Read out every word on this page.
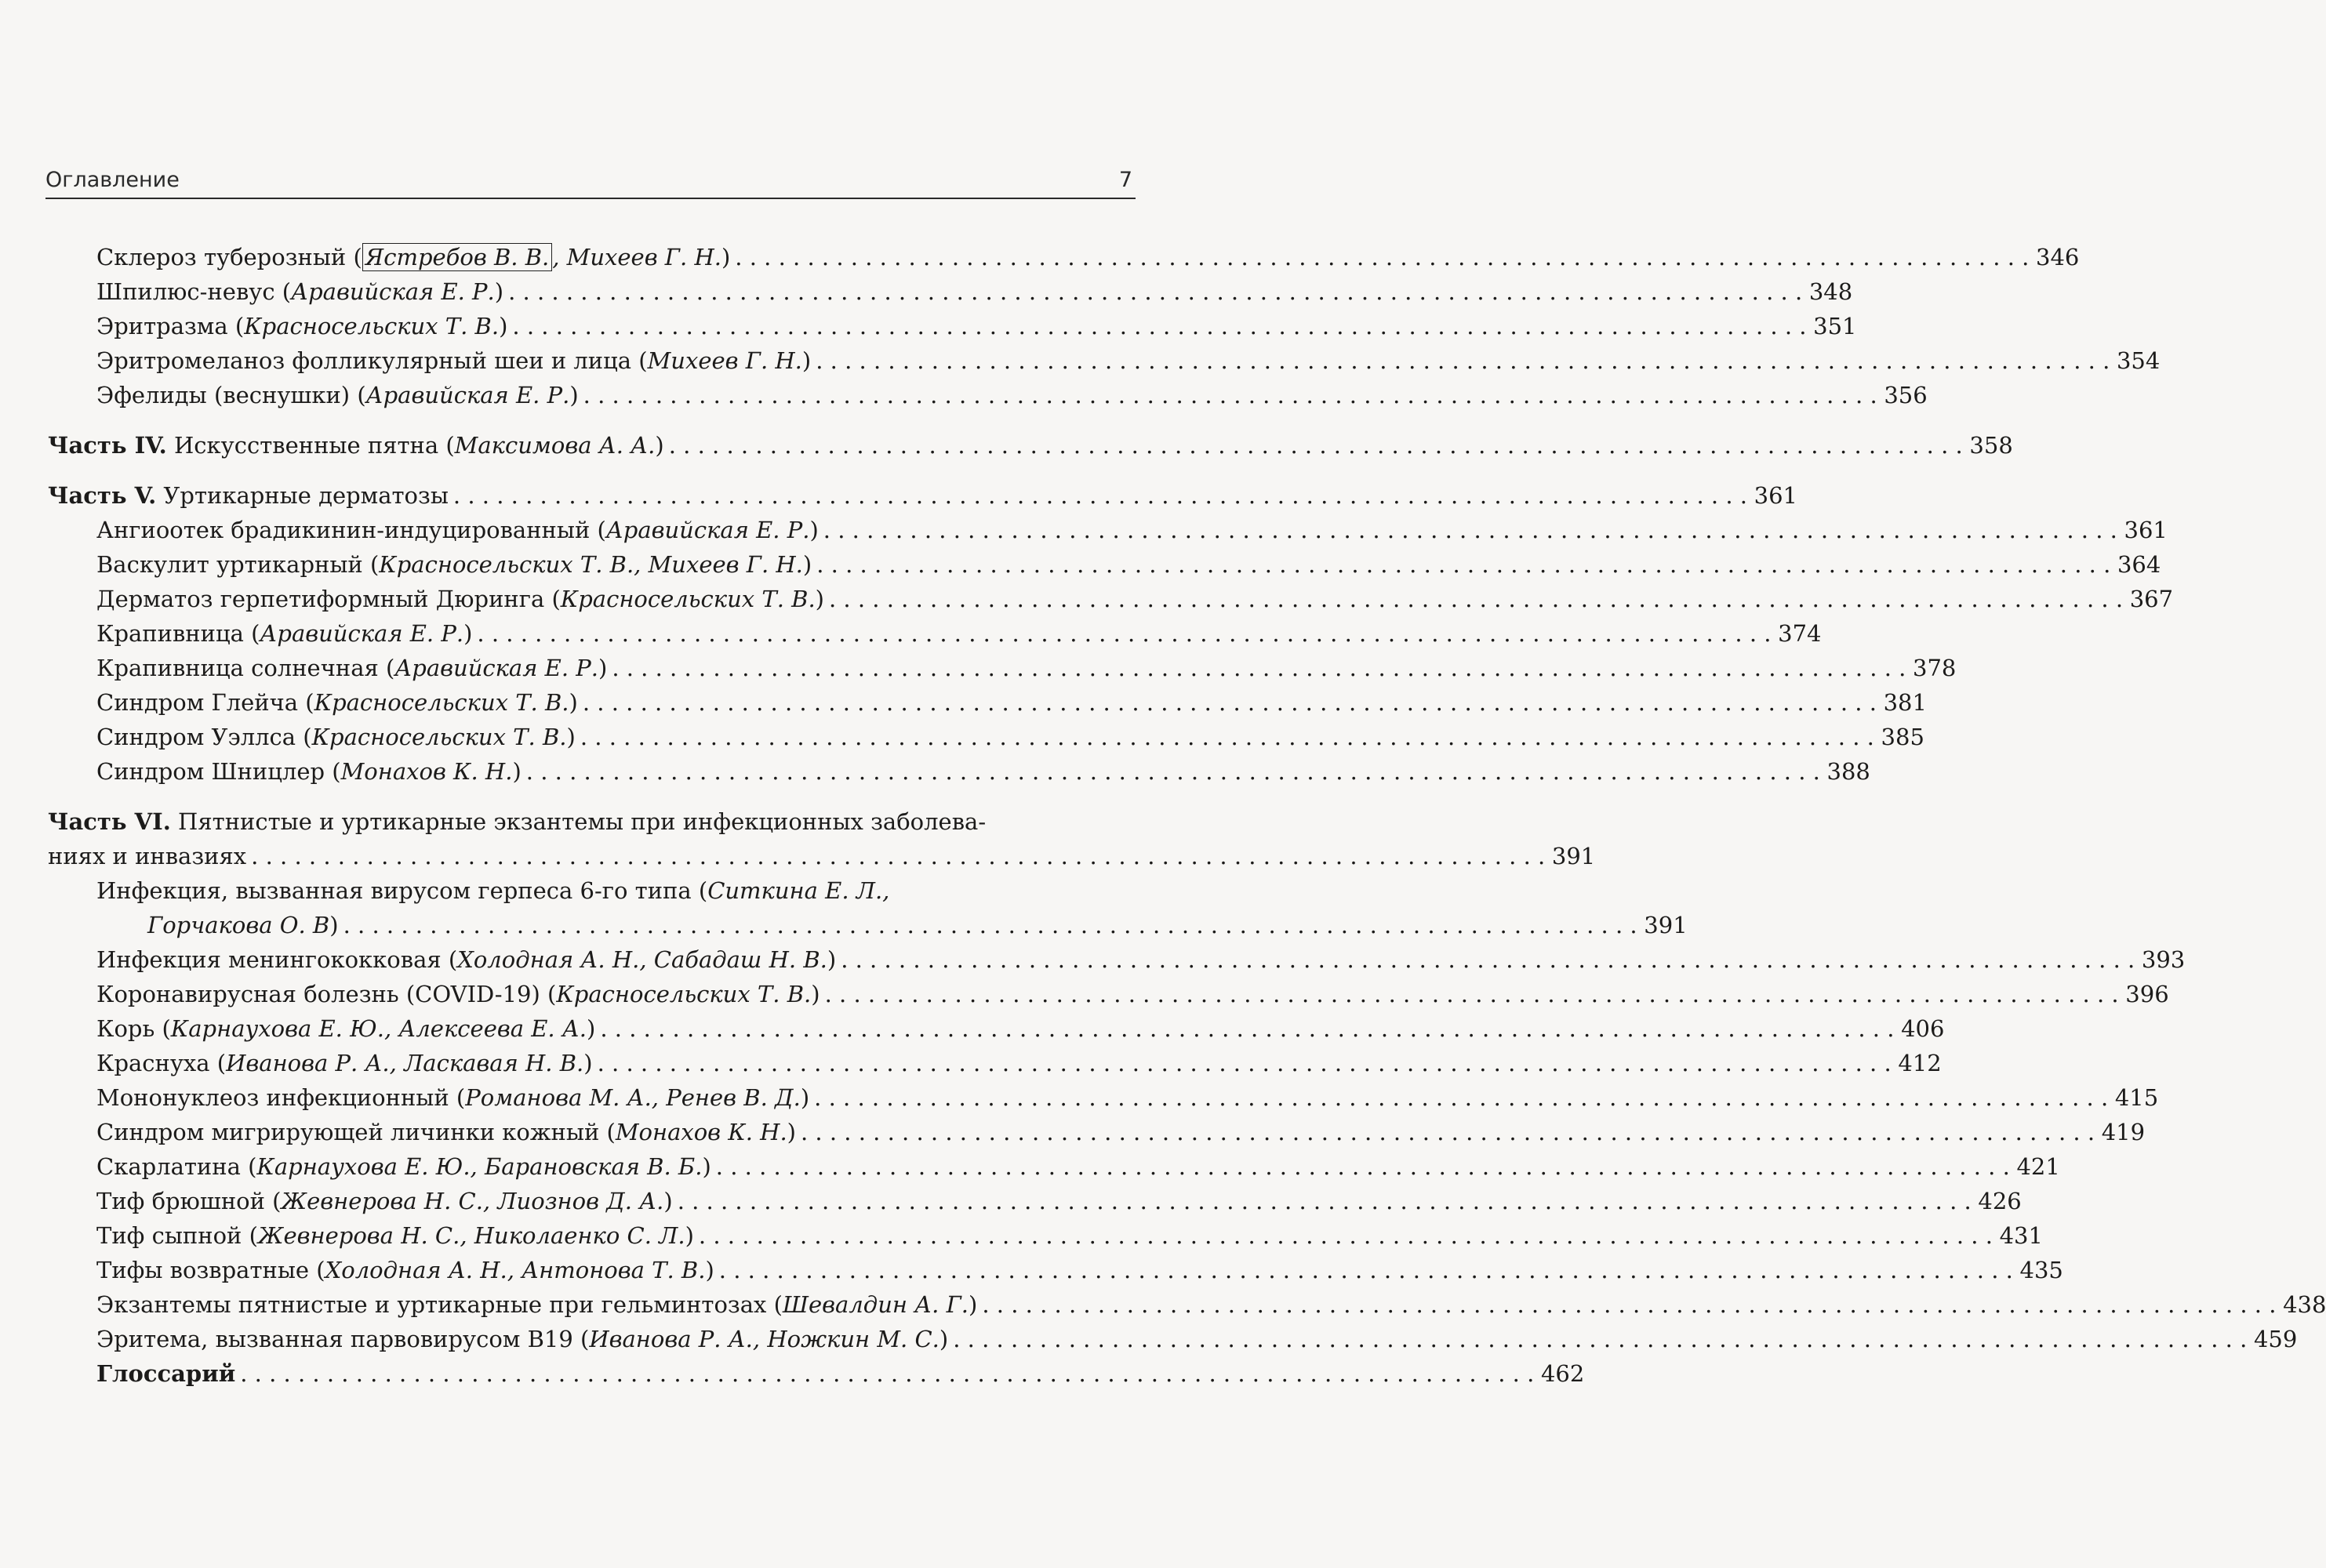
Оглавление	7
Склероз туберозный ( Ястребов В. В. , Михеев Г. Н.) . . .	346
Шпилюс-невус (Аравийская Е. Р.) . . .	348
Эритразма (Красносельских Т. В.) . . .	351
Эритромеланоз фолликулярный шеи и лица (Михеев Г. Н.) . . .	354
Эфелиды (веснушки) (Аравийская Е. Р.) . . .	356
Часть IV. Искусственные пятна (Максимова А. А.) . . .	358
Часть V. Уртикарные дерматозы . . .	361
Ангиоотек брадикинин-индуцированный (Аравийская Е. Р.) . . .	361
Васкулит уртикарный (Красносельских Т. В., Михеев Г. Н.) . . .	364
Дерматоз герпетиформный Дюринга (Красносельских Т. В.) . . .	367
Крапивница (Аравийская Е. Р.) . . .	374
Крапивница солнечная (Аравийская Е. Р.) . . .	378
Синдром Глейча (Красносельских Т. В.) . . .	381
Синдром Уэллса (Красносельских Т. В.) . . .	385
Синдром Шницлер (Монахов К. Н.) . . .	388
Часть VI. Пятнистые и уртикарные экзантемы при инфекционных заболева-
ниях и инвазиях . . .	391
Инфекция, вызванная вирусом герпеса 6-го типа (Ситкина Е. Л.,
Горчакова О. В) . . .	391
Инфекция менингококковая (Холодная А. Н., Сабадаш Н. В.) . . .	393
Коронавирусная болезнь (COVID-19) (Красносельских Т. В.) . . .	396
Корь (Карнаухова Е. Ю., Алексеева Е. А.) . . .	406
Краснуха (Иванова Р. А., Ласкавая Н. В.) . . .	412
Мононуклеоз инфекционный (Романова М. А., Ренев В. Д.) . . .	415
Синдром мигрирующей личинки кожный (Монахов К. Н.) . . .	419
Скарлатина (Карнаухова Е. Ю., Барановская В. Б.) . . .	421
Тиф брюшной (Жевнерова Н. С., Лиознов Д. А.) . . .	426
Тиф сыпной (Жевнерова Н. С., Николаенко С. Л.) . . .	431
Тифы возвратные (Холодная А. Н., Антонова Т. В.) . . .	435
Экзантемы пятнистые и уртикарные при гельминтозах (Шевалдин А. Г.) . . .	438
Эритема, вызванная парвовирусом В19 (Иванова Р. А., Ножкин М. С.) . . .	459
Глоссарий . . .	462
